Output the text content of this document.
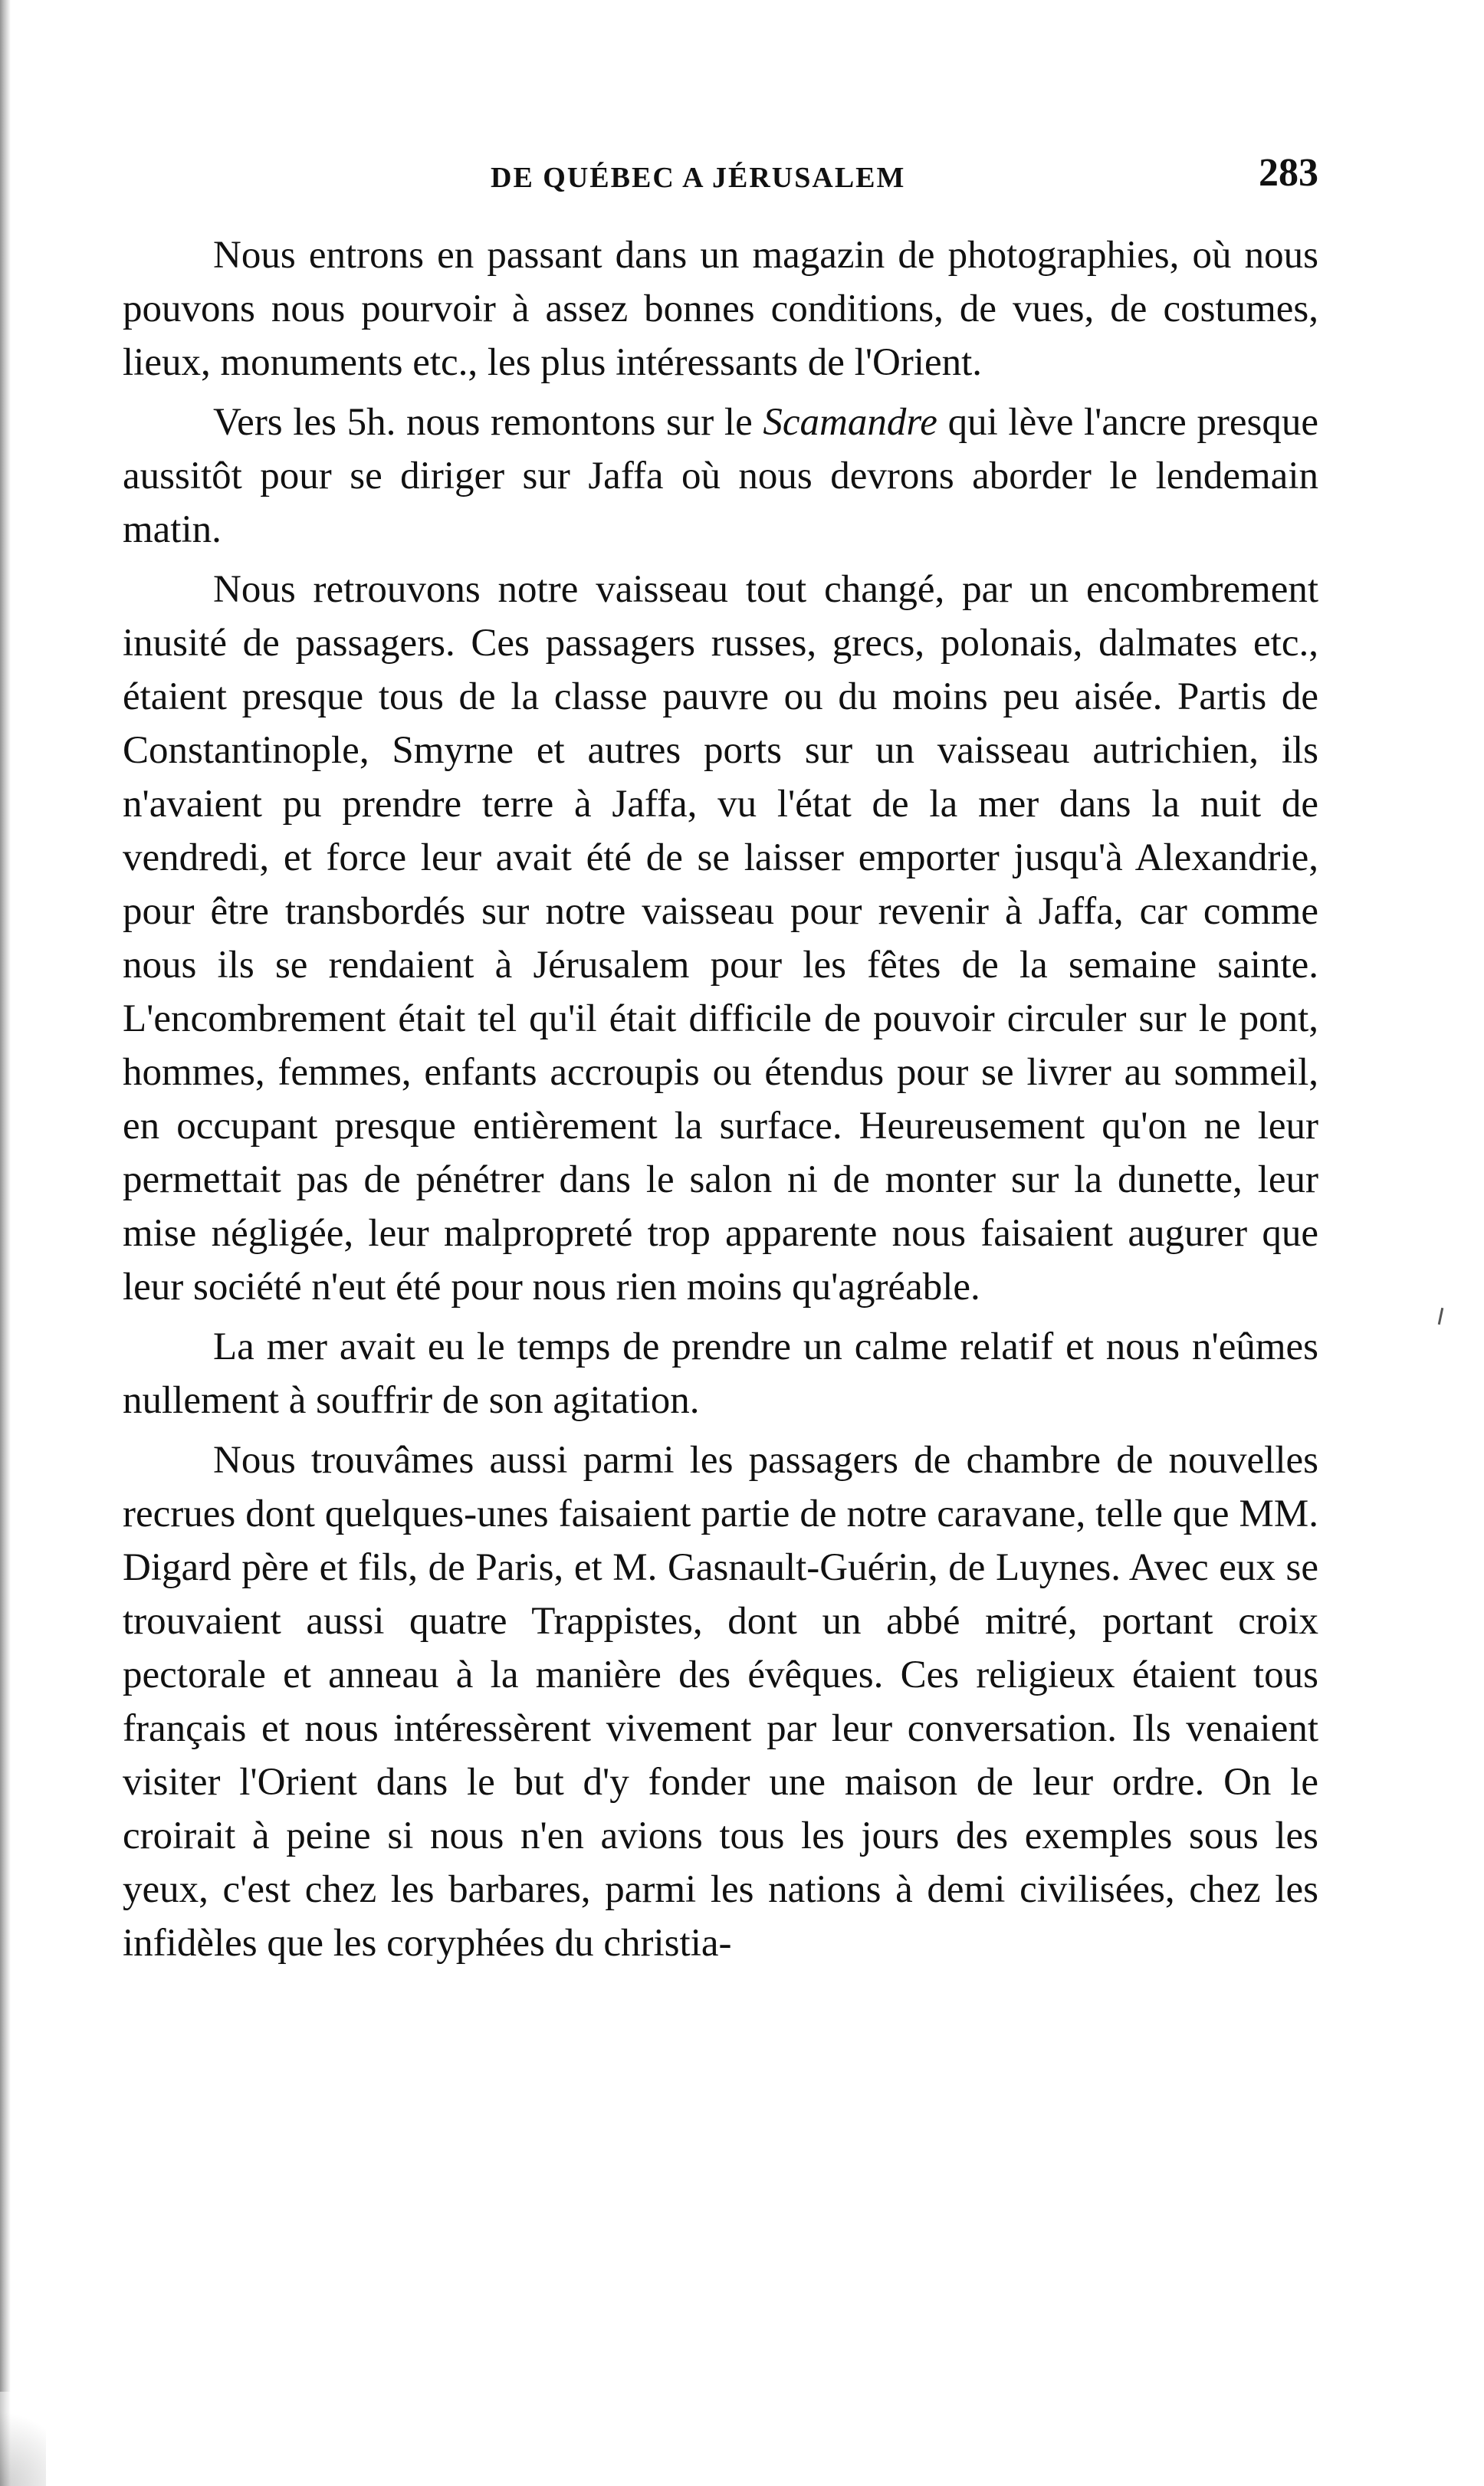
DE QUÉBEC A JÉRUSALEM	283

Nous entrons en passant dans un magazin de photographies, où nous pouvons nous pourvoir à assez bonnes conditions, de vues, de costumes, lieux, monuments etc., les plus intéressants de l'Orient.

Vers les 5h. nous remontons sur le Scamandre qui lève l'ancre presque aussitôt pour se diriger sur Jaffa où nous devrons aborder le lendemain matin.

Nous retrouvons notre vaisseau tout changé, par un encombrement inusité de passagers. Ces passagers russes, grecs, polonais, dalmates etc., étaient presque tous de la classe pauvre ou du moins peu aisée. Partis de Constantinople, Smyrne et autres ports sur un vaisseau autrichien, ils n'avaient pu prendre terre à Jaffa, vu l'état de la mer dans la nuit de vendredi, et force leur avait été de se laisser emporter jusqu'à Alexandrie, pour être transbordés sur notre vaisseau pour revenir à Jaffa, car comme nous ils se rendaient à Jérusalem pour les fêtes de la semaine sainte. L'encombrement était tel qu'il était difficile de pouvoir circuler sur le pont, hommes, femmes, enfants accroupis ou étendus pour se livrer au sommeil, en occupant presque entièrement la surface. Heureusement qu'on ne leur permettait pas de pénétrer dans le salon ni de monter sur la dunette, leur mise négligée, leur malpropreté trop apparente nous faisaient augurer que leur société n'eut été pour nous rien moins qu'agréable.

La mer avait eu le temps de prendre un calme relatif et nous n'eûmes nullement à souffrir de son agitation.

Nous trouvâmes aussi parmi les passagers de chambre de nouvelles recrues dont quelques-unes faisaient partie de notre caravane, telle que MM. Digard père et fils, de Paris, et M. Gasnault-Guérin, de Luynes. Avec eux se trouvaient aussi quatre Trappistes, dont un abbé mitré, portant croix pectorale et anneau à la manière des évêques. Ces religieux étaient tous français et nous intéressèrent vivement par leur conversation. Ils venaient visiter l'Orient dans le but d'y fonder une maison de leur ordre. On le croirait à peine si nous n'en avions tous les jours des exemples sous les yeux, c'est chez les barbares, parmi les nations à demi civilisées, chez les infidèles que les coryphées du christia-
